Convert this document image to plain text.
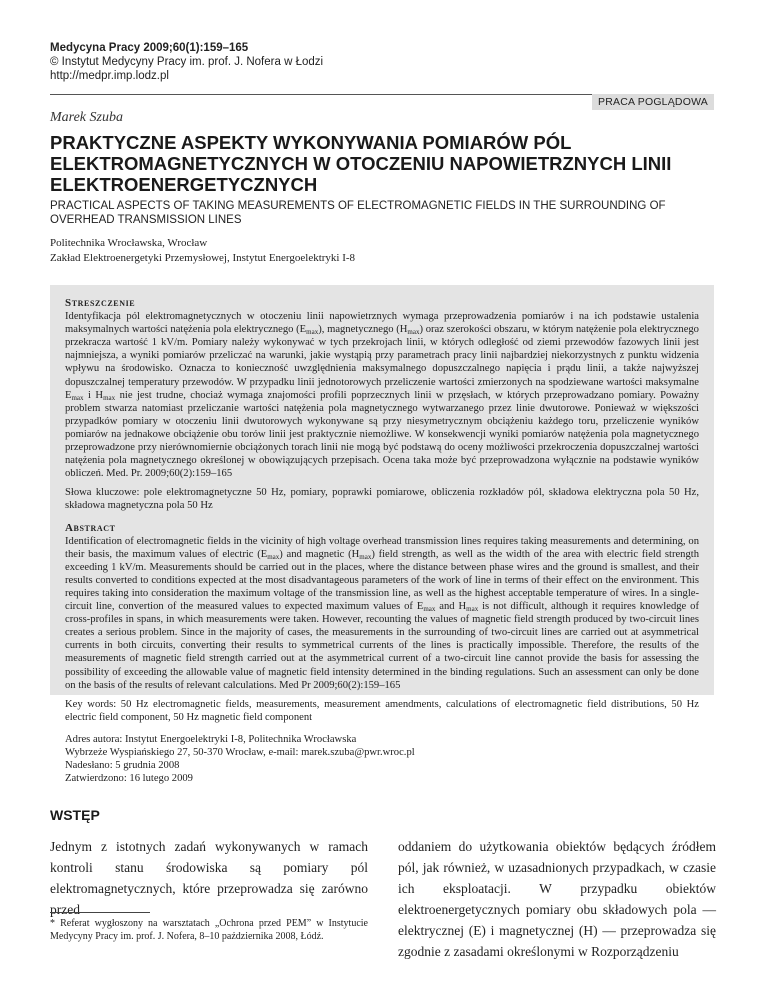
Medycyna Pracy 2009;60(1):159–165
© Instytut Medycyny Pracy im. prof. J. Nofera w Łodzi
http://medpr.imp.lodz.pl
PRACA POGLĄDOWA
Marek Szuba
PRAKTYCZNE ASPEKTY WYKONYWANIA POMIARÓW PÓL ELEKTROMAGNETYCZNYCH W OTOCZENIU NAPOWIETRZNYCH LINII ELEKTROENERGETYCZNYCH

PRACTICAL ASPECTS OF TAKING MEASUREMENTS OF ELECTROMAGNETIC FIELDS IN THE SURROUNDING OF OVERHEAD TRANSMISSION LINES

Politechnika Wrocławska, Wrocław
Zakład Elektroenergetyki Przemysłowej, Instytut Energoelektryki I-8

Streszczenie

Identyfikacja pól elektromagnetycznych w otoczeniu linii napowietrznych wymaga przeprowadzenia pomiarów i na ich podstawie ustalenia maksymalnych wartości natężenia pola elektrycznego $(E_{max})$, magnetycznego $(H_{max})$ oraz szerokości obszaru, w którym natężenie pola elektrycznego przekracza wartość 1 kV/m. Pomiary należy wykonywać w tych przekrojach linii, w których odległość od ziemi przewodów fazowych linii jest najmniejsza, a wyniki pomiarów przeliczać na warunki, jakie wystąpią przy parametrach pracy linii najbardziej niekorzystnych z punktu widzenia wpływu na środowisko. Oznacza to konieczność uwzględnienia maksymalnego dopuszczalnego napięcia i prądu linii, a także najwyższej dopuszczalnej temperatury przewodów. W przypadku linii jednotorowych przeliczenie wartości zmierzonych na spodziewane wartości maksymalne $E_{max}$ i $H_{max}$ nie jest trudne, chociaż wymaga znajomości profili poprzecznych linii w przęsłach, w których przeprowadzano pomiary. Poważny problem stwarza natomiast przeliczanie wartości natężenia pola magnetycznego wytwarzanego przez linie dwutorowe. Ponieważ w większości przypadków pomiary w otoczeniu linii dwutorowych wykonywane są przy niesymetrycznym obciążeniu każdego toru, przeliczenie wyników pomiarów na jednakowe obciążenie obu torów linii jest praktycznie niemożliwe. W konsekwencji wyniki pomiarów natężenia pola magnetycznego przeprowadzone przy nierównomiernie obciążonych torach linii nie mogą być podstawą do oceny możliwości przekroczenia dopuszczalnej wartości natężenia pola magnetycznego określonej w obowiązujących przepisach. Ocena taka może być przeprowadzona wyłącznie na podstawie wyników obliczeń. Med. Pr. 2009;60(2):159–165

Słowa kluczowe: pole elektromagnetyczne 50 Hz, pomiary, poprawki pomiarowe, obliczenia rozkładów pól, składowa elektryczna pola 50 Hz, składowa magnetyczna pola 50 Hz

Abstract

Identification of electromagnetic fields in the vicinity of high voltage overhead transmission lines requires taking measurements and determining, on their basis, the maximum values of electric $(E_{max})$ and magnetic $(H_{max})$ field strength, as well as the width of the area with electric field strength exceeding 1 kV/m. Measurements should be carried out in the places, where the distance between phase wires and the ground is smallest, and their results converted to conditions expected at the most disadvantageous parameters of the work of line in terms of their effect on the environment. This requires taking into consideration the maximum voltage of the transmission line, as well as the highest acceptable temperature of wires. In a single-circuit line, convertion of the measured values to expected maximum values of $E_{max}$ and $H_{max}$ is not difficult, although it requires knowledge of cross-profiles in spans, in which measurements were taken. However, recounting the values of magnetic field strength produced by two-circuit lines creates a serious problem. Since in the majority of cases, the measurements in the surrounding of two-circuit lines are carried out at asymmetrical currents in both circuits, converting their results to symmetrical currents of the lines is practically impossible. Therefore, the results of the measurements of magnetic field strength carried out at the asymmetrical current of a two-circuit line cannot provide the basis for assessing the possibility of exceeding the allowable value of magnetic field intensity determined in the binding regulations. Such an assessment can only be done on the basis of the results of relevant calculations. Med Pr 2009;60(2):159–165

Key words: 50 Hz electromagnetic fields, measurements, measurement amendments, calculations of electromagnetic field distributions, 50 Hz electric field component, 50 Hz magnetic field component

Adres autora: Instytut Energoelektryki I-8, Politechnika Wrocławska

Wybrzeże Wyspiańskiego 27, 50-370 Wrocław, e-mail: marek.szuba@pwr.wroc.pl

Nadesłano: 5 grudnia 2008

Zatwierdzono: 16 lutego 2009

WSTĘP
Jednym z istotnych zadań wykonywanych w ramach kontroli stanu środowiska są pomiary pól elektromagnetycznych, które przeprowadza się zarówno przed
oddaniem do użytkowania obiektów będących źródłem pól, jak również, w uzasadnionych przypadkach, w czasie ich eksploatacji. W przypadku obiektów elektroenergetycznych pomiary obu składowych pola — elektrycznej (E) i magnetycznej (H) — przeprowadza się zgodnie z zasadami określonymi w Rozporządzeniu
* Referat wygłoszony na warsztatach „Ochrona przed PEM” w Instytucie Medycyny Pracy im. prof. J. Nofera, 8–10 października 2008, Łódź.
